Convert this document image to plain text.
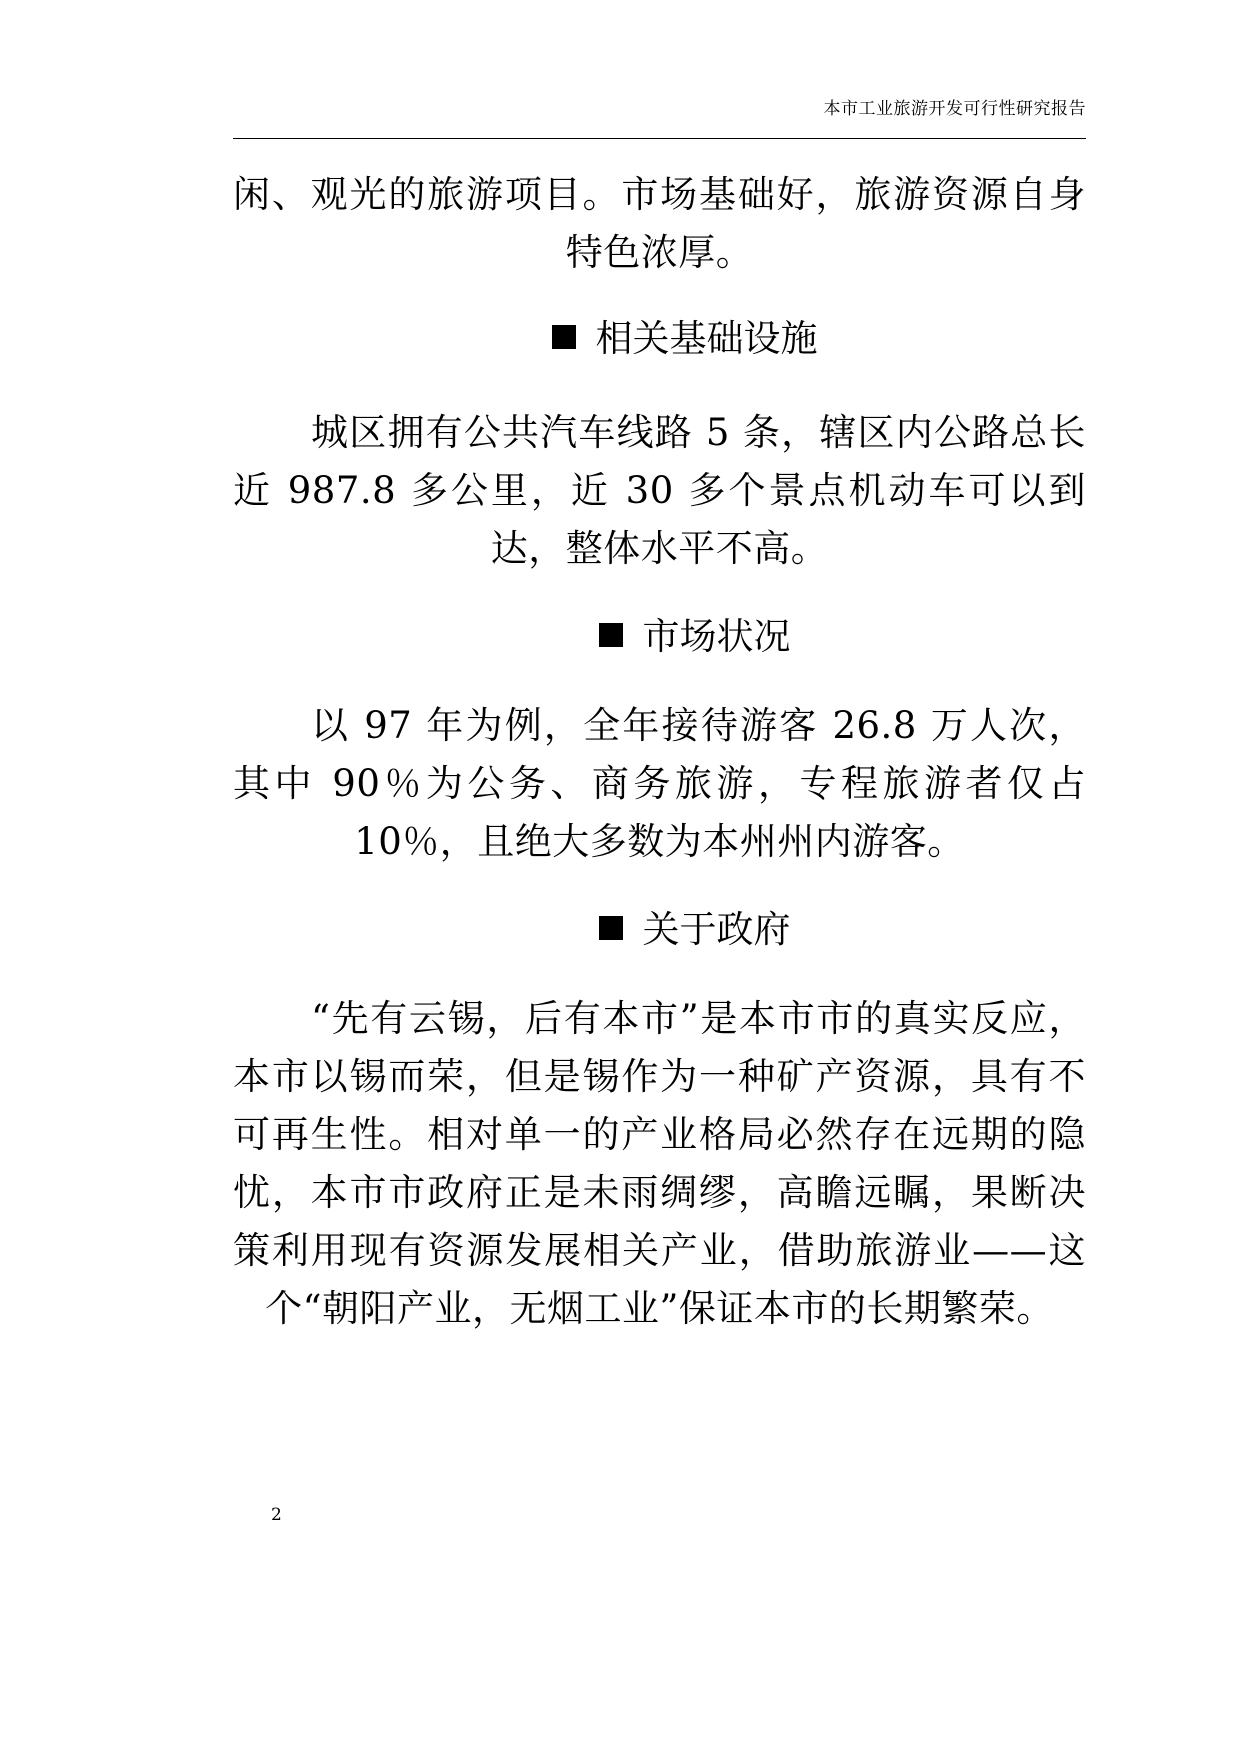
本市工业旅游开发可行性研究报告

闲、观光的旅游项目。市场基础好，旅游资源自身特色浓厚。

相关基础设施

城区拥有公共汽车线路 5 条，辖区内公路总长近 987.8 多公里，近 30 多个景点机动车可以到达，整体水平不高。

市场状况

以 97 年为例，全年接待游客 26.8 万人次，其中 90％为公务、商务旅游，专程旅游者仅占 10％，且绝大多数为本州州内游客。

关于政府

“先有云锡，后有本市”是本市市的真实反应，本市以锡而荣，但是锡作为一种矿产资源，具有不可再生性。相对单一的产业格局必然存在远期的隐忧，本市市政府正是未雨绸缪，高瞻远瞩，果断决策利用现有资源发展相关产业，借助旅游业——这个“朝阳产业，无烟工业”保证本市的长期繁荣。

2
